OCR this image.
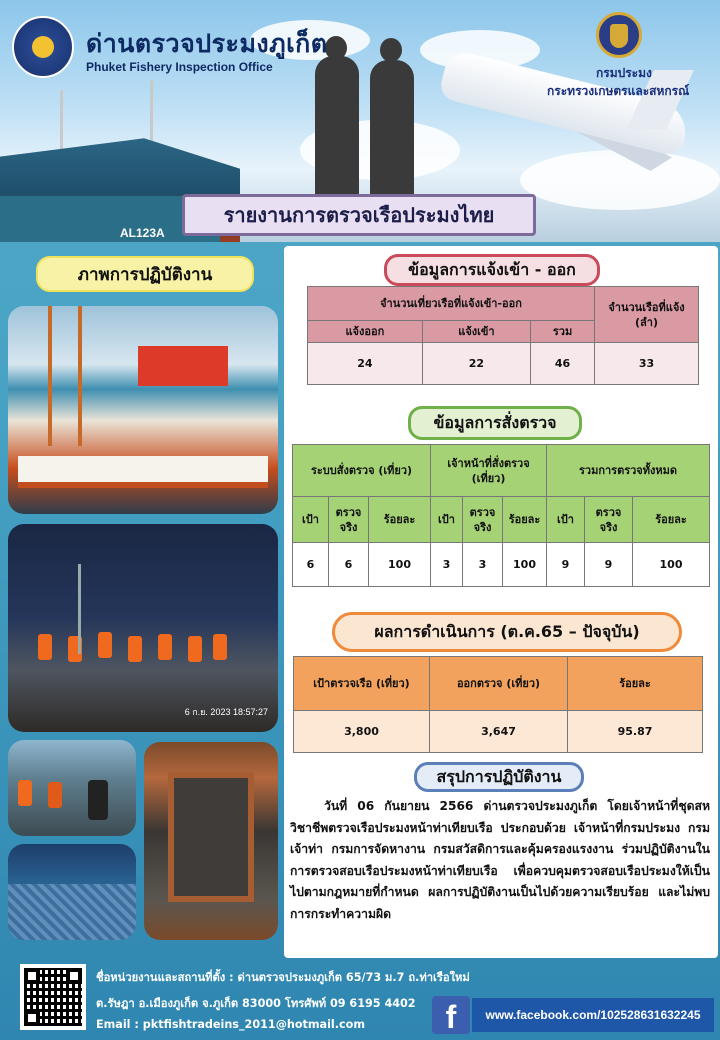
AL123A
ด่านตรวจประมงภูเก็ต
Phuket Fishery Inspection Office	กรมประมง
กระทรวงเกษตรและสหกรณ์
รายงานการตรวจเรือประมงไทย
ภาพการปฏิบัติงาน
6 ก.ย. 2023 18:57:27
ข้อมูลการแจ้งเข้า - ออก
จำนวนเที่ยวเรือที่แจ้งเข้า-ออก			จำนวนเรือที่แจ้ง (ลำ)
แจ้งออก	แจ้งเข้า	รวม	
24	22	46	33
ข้อมูลการสั่งตรวจ
ระบบสั่งตรวจ (เที่ยว)			เจ้าหน้าที่สั่งตรวจ (เที่ยว)			รวมการตรวจทั้งหมด		
เป้า	ตรวจจริง	ร้อยละ	เป้า	ตรวจจริง	ร้อยละ	เป้า	ตรวจจริง	ร้อยละ
6	6	100	3	3	100	9	9	100
ผลการดำเนินการ (ต.ค.65 – ปัจจุบัน)
เป้าตรวจเรือ (เที่ยว)	ออกตรวจ (เที่ยว)	ร้อยละ
3,800	3,647	95.87
สรุปการปฏิบัติงาน
วันที่ 06 กันยายน 2566 ด่านตรวจประมงภูเก็ต โดยเจ้าหน้าที่ชุดสหวิชาชีพตรวจเรือประมงหน้าท่าเทียบเรือ ประกอบด้วย เจ้าหน้าที่กรมประมง กรมเจ้าท่า กรมการจัดหางาน กรมสวัสดิการและคุ้มครองแรงงาน ร่วมปฏิบัติงานในการตรวจสอบเรือประมงหน้าท่าเทียบเรือ เพื่อควบคุมตรวจสอบเรือประมงให้เป็นไปตามกฎหมายที่กำหนด ผลการปฏิบัติงานเป็นไปด้วยความเรียบร้อย และไม่พบการกระทำความผิด
ชื่อหน่วยงานและสถานที่ตั้ง : ด่านตรวจประมงภูเก็ต 65/73 ม.7 ถ.ท่าเรือใหม่
ต.รัษฎา อ.เมืองภูเก็ต จ.ภูเก็ต 83000 โทรศัพท์ 09 6195 4402
Email : pktfishtradeins_2011@hotmail.com	f	www.facebook.com/102528631632245
